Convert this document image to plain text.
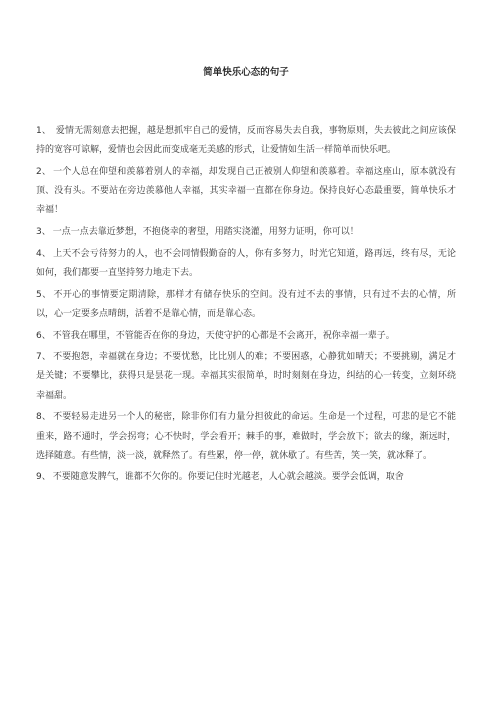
简单快乐心态的句子
1、 爱情无需刻意去把握，越是想抓牢自己的爱情，反而容易失去自我，事物原则，失去彼此之间应该保持的宽容可谅解，爱情也会因此而变成毫无美感的形式，让爱情如生活一样简单而快乐吧。
2、 一个人总在仰望和羡慕着别人的幸福，却发现自己正被别人仰望和羡慕着。幸福这座山，原本就没有顶、没有头。不要站在旁边羡慕他人幸福，其实幸福一直都在你身边。保持良好心态最重要，简单快乐才幸福！
3、 一点一点去靠近梦想，不抱侥幸的奢望，用踏实浇灌，用努力证明，你可以！
4、 上天不会亏待努力的人，也不会同情假勤奋的人，你有多努力，时光它知道，路再远，终有尽，无论如何，我们都要一直坚持努力地走下去。
5、 不开心的事情要定期清除，那样才有储存快乐的空间。没有过不去的事情，只有过不去的心情，所以，心一定要多点晴朗，活着不是靠心情，而是靠心态。
6、 不管我在哪里，不管能否在你的身边，天使守护的心都是不会离开，祝你幸福一辈子。
7、 不要抱怨，幸福就在身边；不要忧愁，比比别人的难；不要困惑，心静犹如晴天；不要挑剔，满足才是关键；不要攀比，获得只是昙花一现。幸福其实很简单，时时刻刻在身边，纠结的心一转变，立刻环绕幸福甜。
8、 不要轻易走进另一个人的秘密，除非你们有力量分担彼此的命运。生命是一个过程，可悲的是它不能重来，路不通时，学会拐弯；心不快时，学会看开；棘手的事，难做时，学会放下；欲去的缘，渐远时，选择随意。有些情，淡一淡，就释然了。有些累，停一停，就休歇了。有些苦，笑一笑，就冰释了。
9、 不要随意发脾气，谁都不欠你的。你要记住时光越老，人心就会越淡。要学会低调，取舍
